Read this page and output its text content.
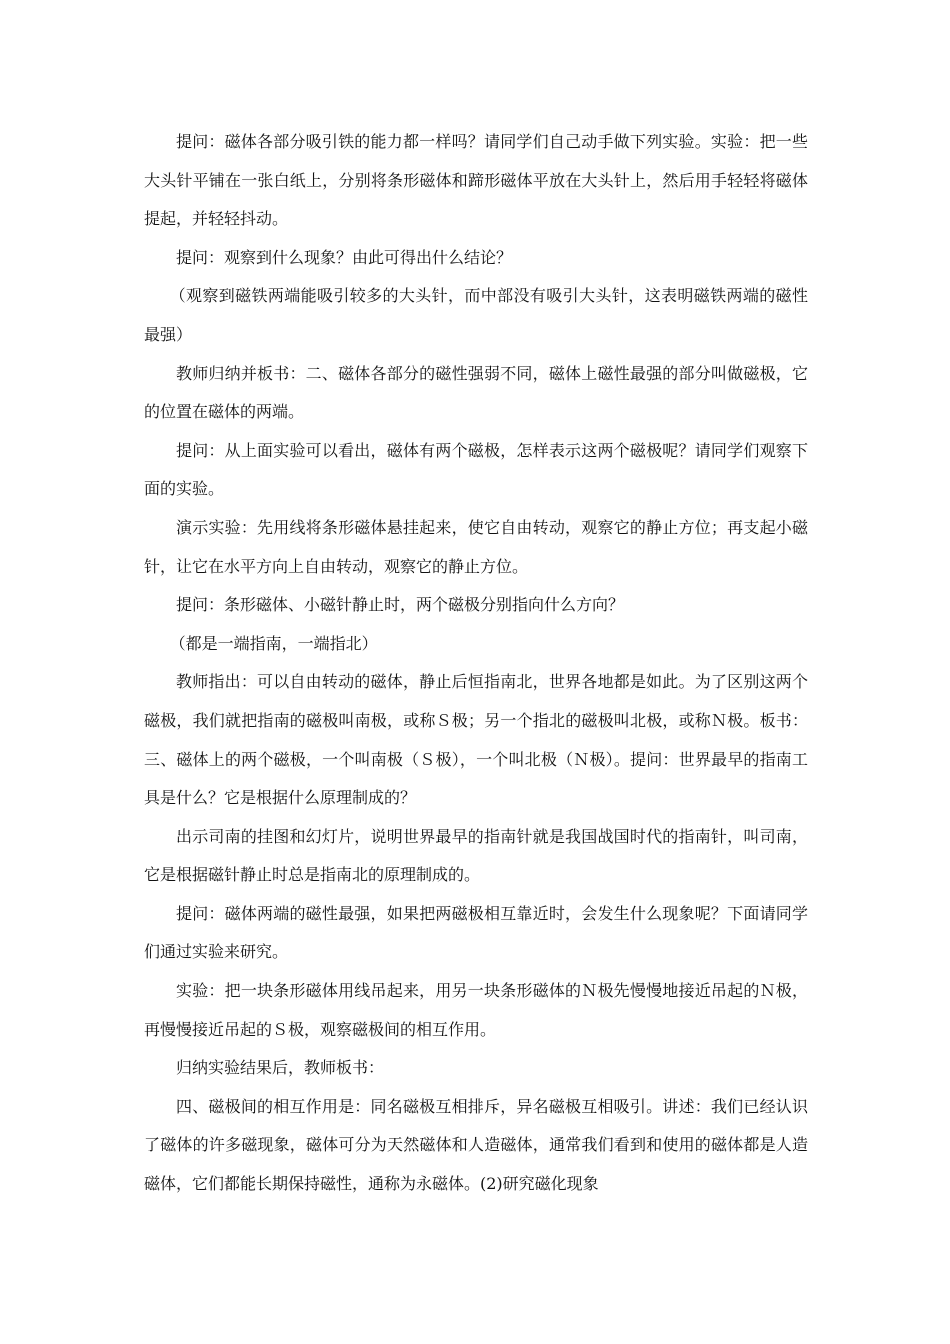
提问：磁体各部分吸引铁的能力都一样吗？请同学们自己动手做下列实验。实验：把一些大头针平铺在一张白纸上，分别将条形磁体和蹄形磁体平放在大头针上，然后用手轻轻将磁体提起，并轻轻抖动。

提问：观察到什么现象？由此可得出什么结论？

（观察到磁铁两端能吸引较多的大头针，而中部没有吸引大头针，这表明磁铁两端的磁性最强）

教师归纳并板书：二、磁体各部分的磁性强弱不同，磁体上磁性最强的部分叫做磁极，它的位置在磁体的两端。

提问：从上面实验可以看出，磁体有两个磁极，怎样表示这两个磁极呢？请同学们观察下面的实验。

演示实验：先用线将条形磁体悬挂起来，使它自由转动，观察它的静止方位；再支起小磁针，让它在水平方向上自由转动，观察它的静止方位。

提问：条形磁体、小磁针静止时，两个磁极分别指向什么方向？

（都是一端指南，一端指北）

教师指出：可以自由转动的磁体，静止后恒指南北，世界各地都是如此。为了区别这两个磁极，我们就把指南的磁极叫南极，或称Ｓ极；另一个指北的磁极叫北极，或称Ｎ极。板书：三、磁体上的两个磁极，一个叫南极（Ｓ极），一个叫北极（Ｎ极）。提问：世界最早的指南工具是什么？它是根据什么原理制成的？

出示司南的挂图和幻灯片，说明世界最早的指南针就是我国战国时代的指南针，叫司南，它是根据磁针静止时总是指南北的原理制成的。

提问：磁体两端的磁性最强，如果把两磁极相互靠近时，会发生什么现象呢？下面请同学们通过实验来研究。

实验：把一块条形磁体用线吊起来，用另一块条形磁体的Ｎ极先慢慢地接近吊起的Ｎ极，再慢慢接近吊起的Ｓ极，观察磁极间的相互作用。

归纳实验结果后，教师板书：

四、磁极间的相互作用是：同名磁极互相排斥，异名磁极互相吸引。讲述：我们已经认识了磁体的许多磁现象，磁体可分为天然磁体和人造磁体，通常我们看到和使用的磁体都是人造磁体，它们都能长期保持磁性，通称为永磁体。(2)研究磁化现象
